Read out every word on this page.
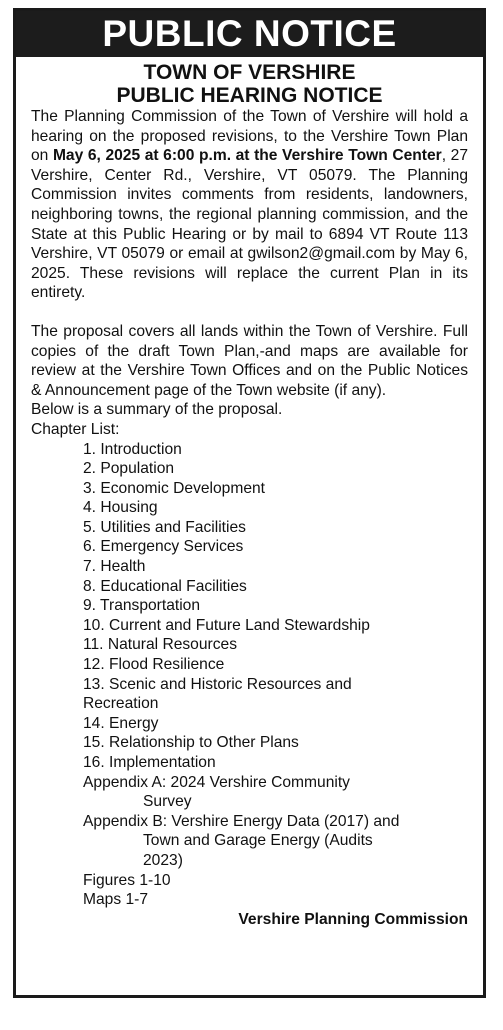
PUBLIC NOTICE
TOWN OF VERSHIRE
PUBLIC HEARING NOTICE

The Planning Commission of the Town of Vershire will hold a hearing on the proposed revisions, to the Vershire Town Plan on May 6, 2025 at 6:00 p.m. at the Vershire Town Center, 27 Vershire, Center Rd., Vershire, VT 05079. The Planning Commission invites comments from residents, landowners, neighboring towns, the regional planning commission, and the State at this Public Hearing or by mail to 6894 VT Route 113 Vershire, VT 05079 or email at gwilson2@gmail.com by May 6, 2025. These revisions will replace the current Plan in its entirety.

The proposal covers all lands within the Town of Vershire. Full copies of the draft Town Plan,-and maps are available for review at the Vershire Town Offices and on the Public Notices & Announcement page of the Town website (if any).

Below is a summary of the proposal.
Chapter List:
1. Introduction
2. Population
3. Economic Development
4. Housing
5. Utilities and Facilities
6. Emergency Services
7. Health
8. Educational Facilities
9. Transportation
10. Current and Future Land Stewardship
11. Natural Resources
12. Flood Resilience
13. Scenic and Historic Resources and Recreation
14. Energy
15. Relationship to Other Plans
16. Implementation
Appendix A: 2024 Vershire Community
Survey
Appendix B: Vershire Energy Data (2017) and
Town and Garage Energy (Audits
2023)
Figures 1-10
Maps 1-7
Vershire Planning Commission
